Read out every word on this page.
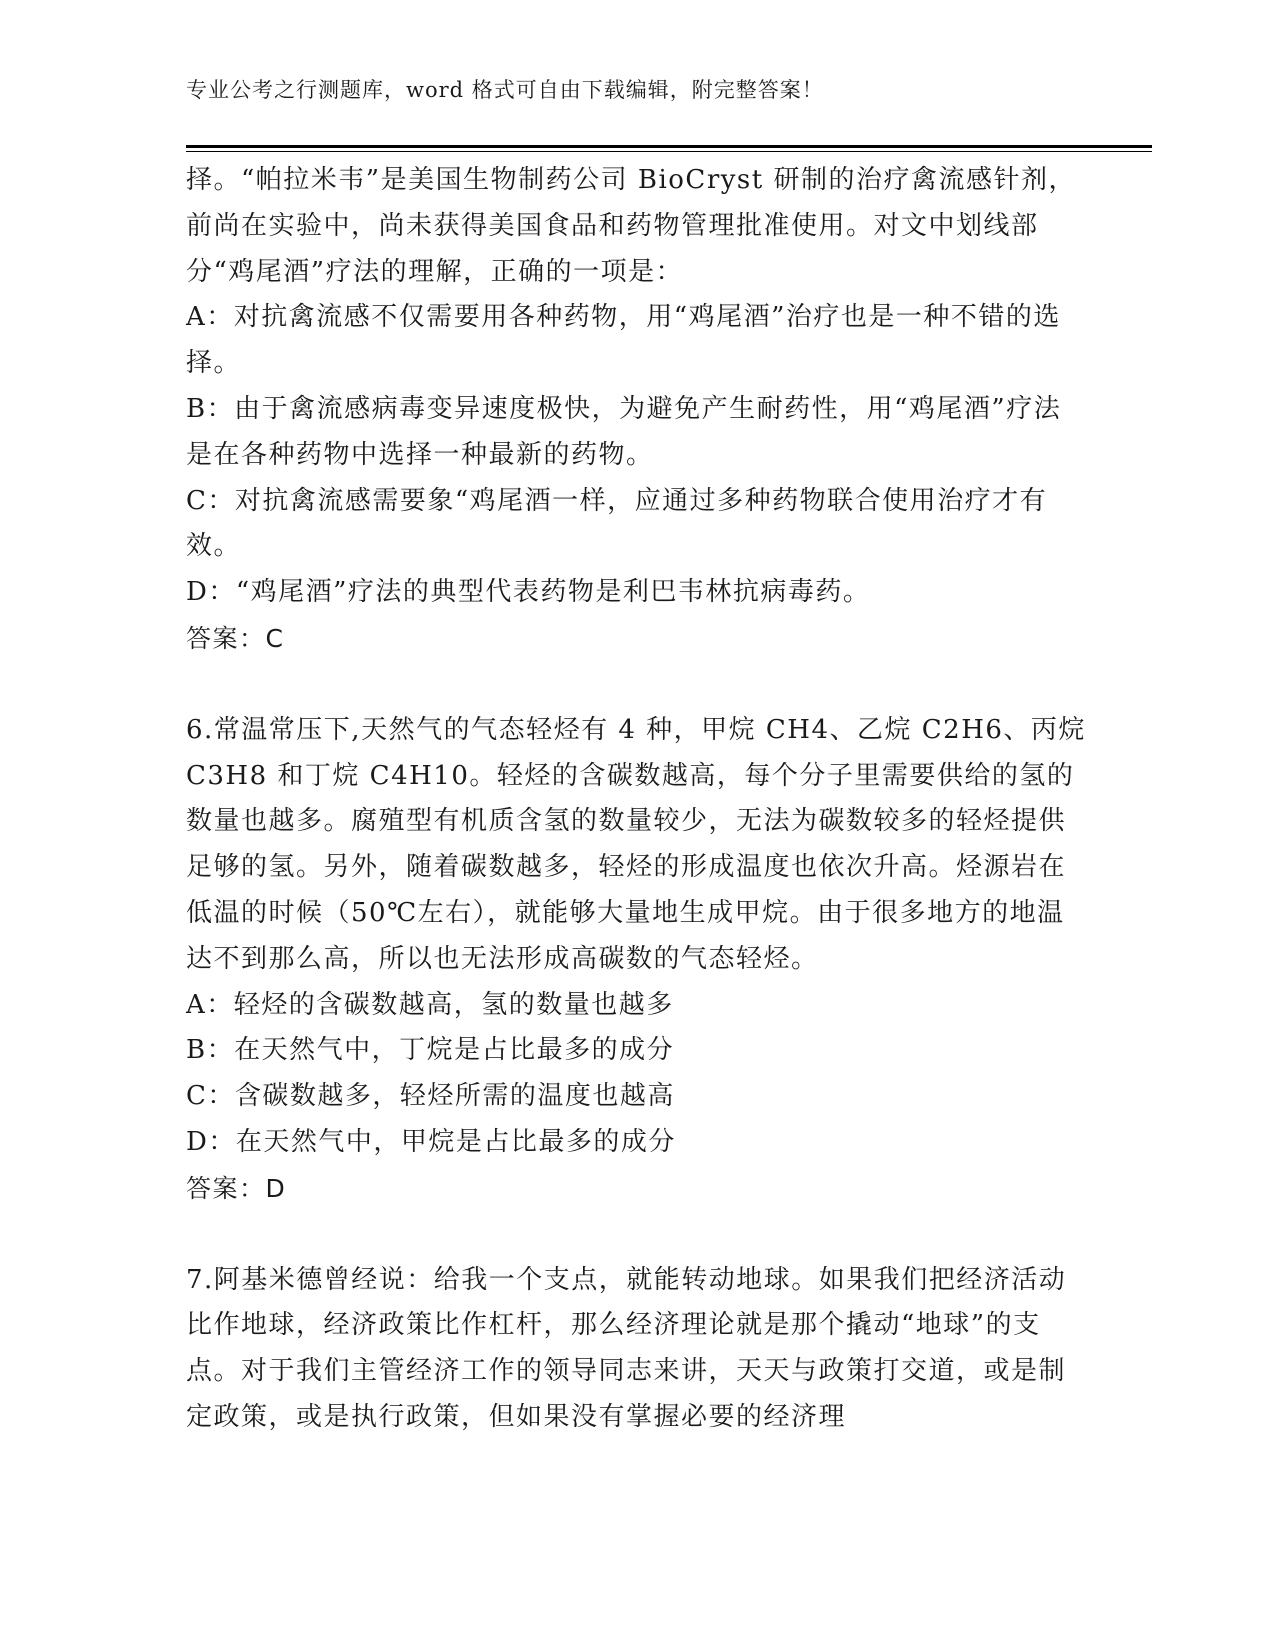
专业公考之行测题库，word 格式可自由下载编辑，附完整答案！

择。“帕拉米韦”是美国生物制药公司 BioCryst 研制的治疗禽流感针剂，前尚在实验中，尚未获得美国食品和药物管理批准使用。对文中划线部分“鸡尾酒”疗法的理解，正确的一项是：

A：对抗禽流感不仅需要用各种药物，用“鸡尾酒”治疗也是一种不错的选择。

B：由于禽流感病毒变异速度极快，为避免产生耐药性，用“鸡尾酒”疗法是在各种药物中选择一种最新的药物。

C：对抗禽流感需要象“鸡尾酒一样，应通过多种药物联合使用治疗才有效。

D：“鸡尾酒”疗法的典型代表药物是利巴韦林抗病毒药。

答案：C

6.常温常压下,天然气的气态轻烃有 4 种，甲烷 CH4、乙烷 C2H6、丙烷 C3H8 和丁烷 C4H10。轻烃的含碳数越高，每个分子里需要供给的氢的数量也越多。腐殖型有机质含氢的数量较少，无法为碳数较多的轻烃提供足够的氢。另外，随着碳数越多，轻烃的形成温度也依次升高。烃源岩在低温的时候（50℃左右），就能够大量地生成甲烷。由于很多地方的地温达不到那么高，所以也无法形成高碳数的气态轻烃。

A：轻烃的含碳数越高，氢的数量也越多

B：在天然气中，丁烷是占比最多的成分

C：含碳数越多，轻烃所需的温度也越高

D：在天然气中，甲烷是占比最多的成分

答案：D

7.阿基米德曾经说：给我一个支点，就能转动地球。如果我们把经济活动比作地球，经济政策比作杠杆，那么经济理论就是那个撬动“地球”的支点。对于我们主管经济工作的领导同志来讲，天天与政策打交道，或是制定政策，或是执行政策，但如果没有掌握必要的经济理
